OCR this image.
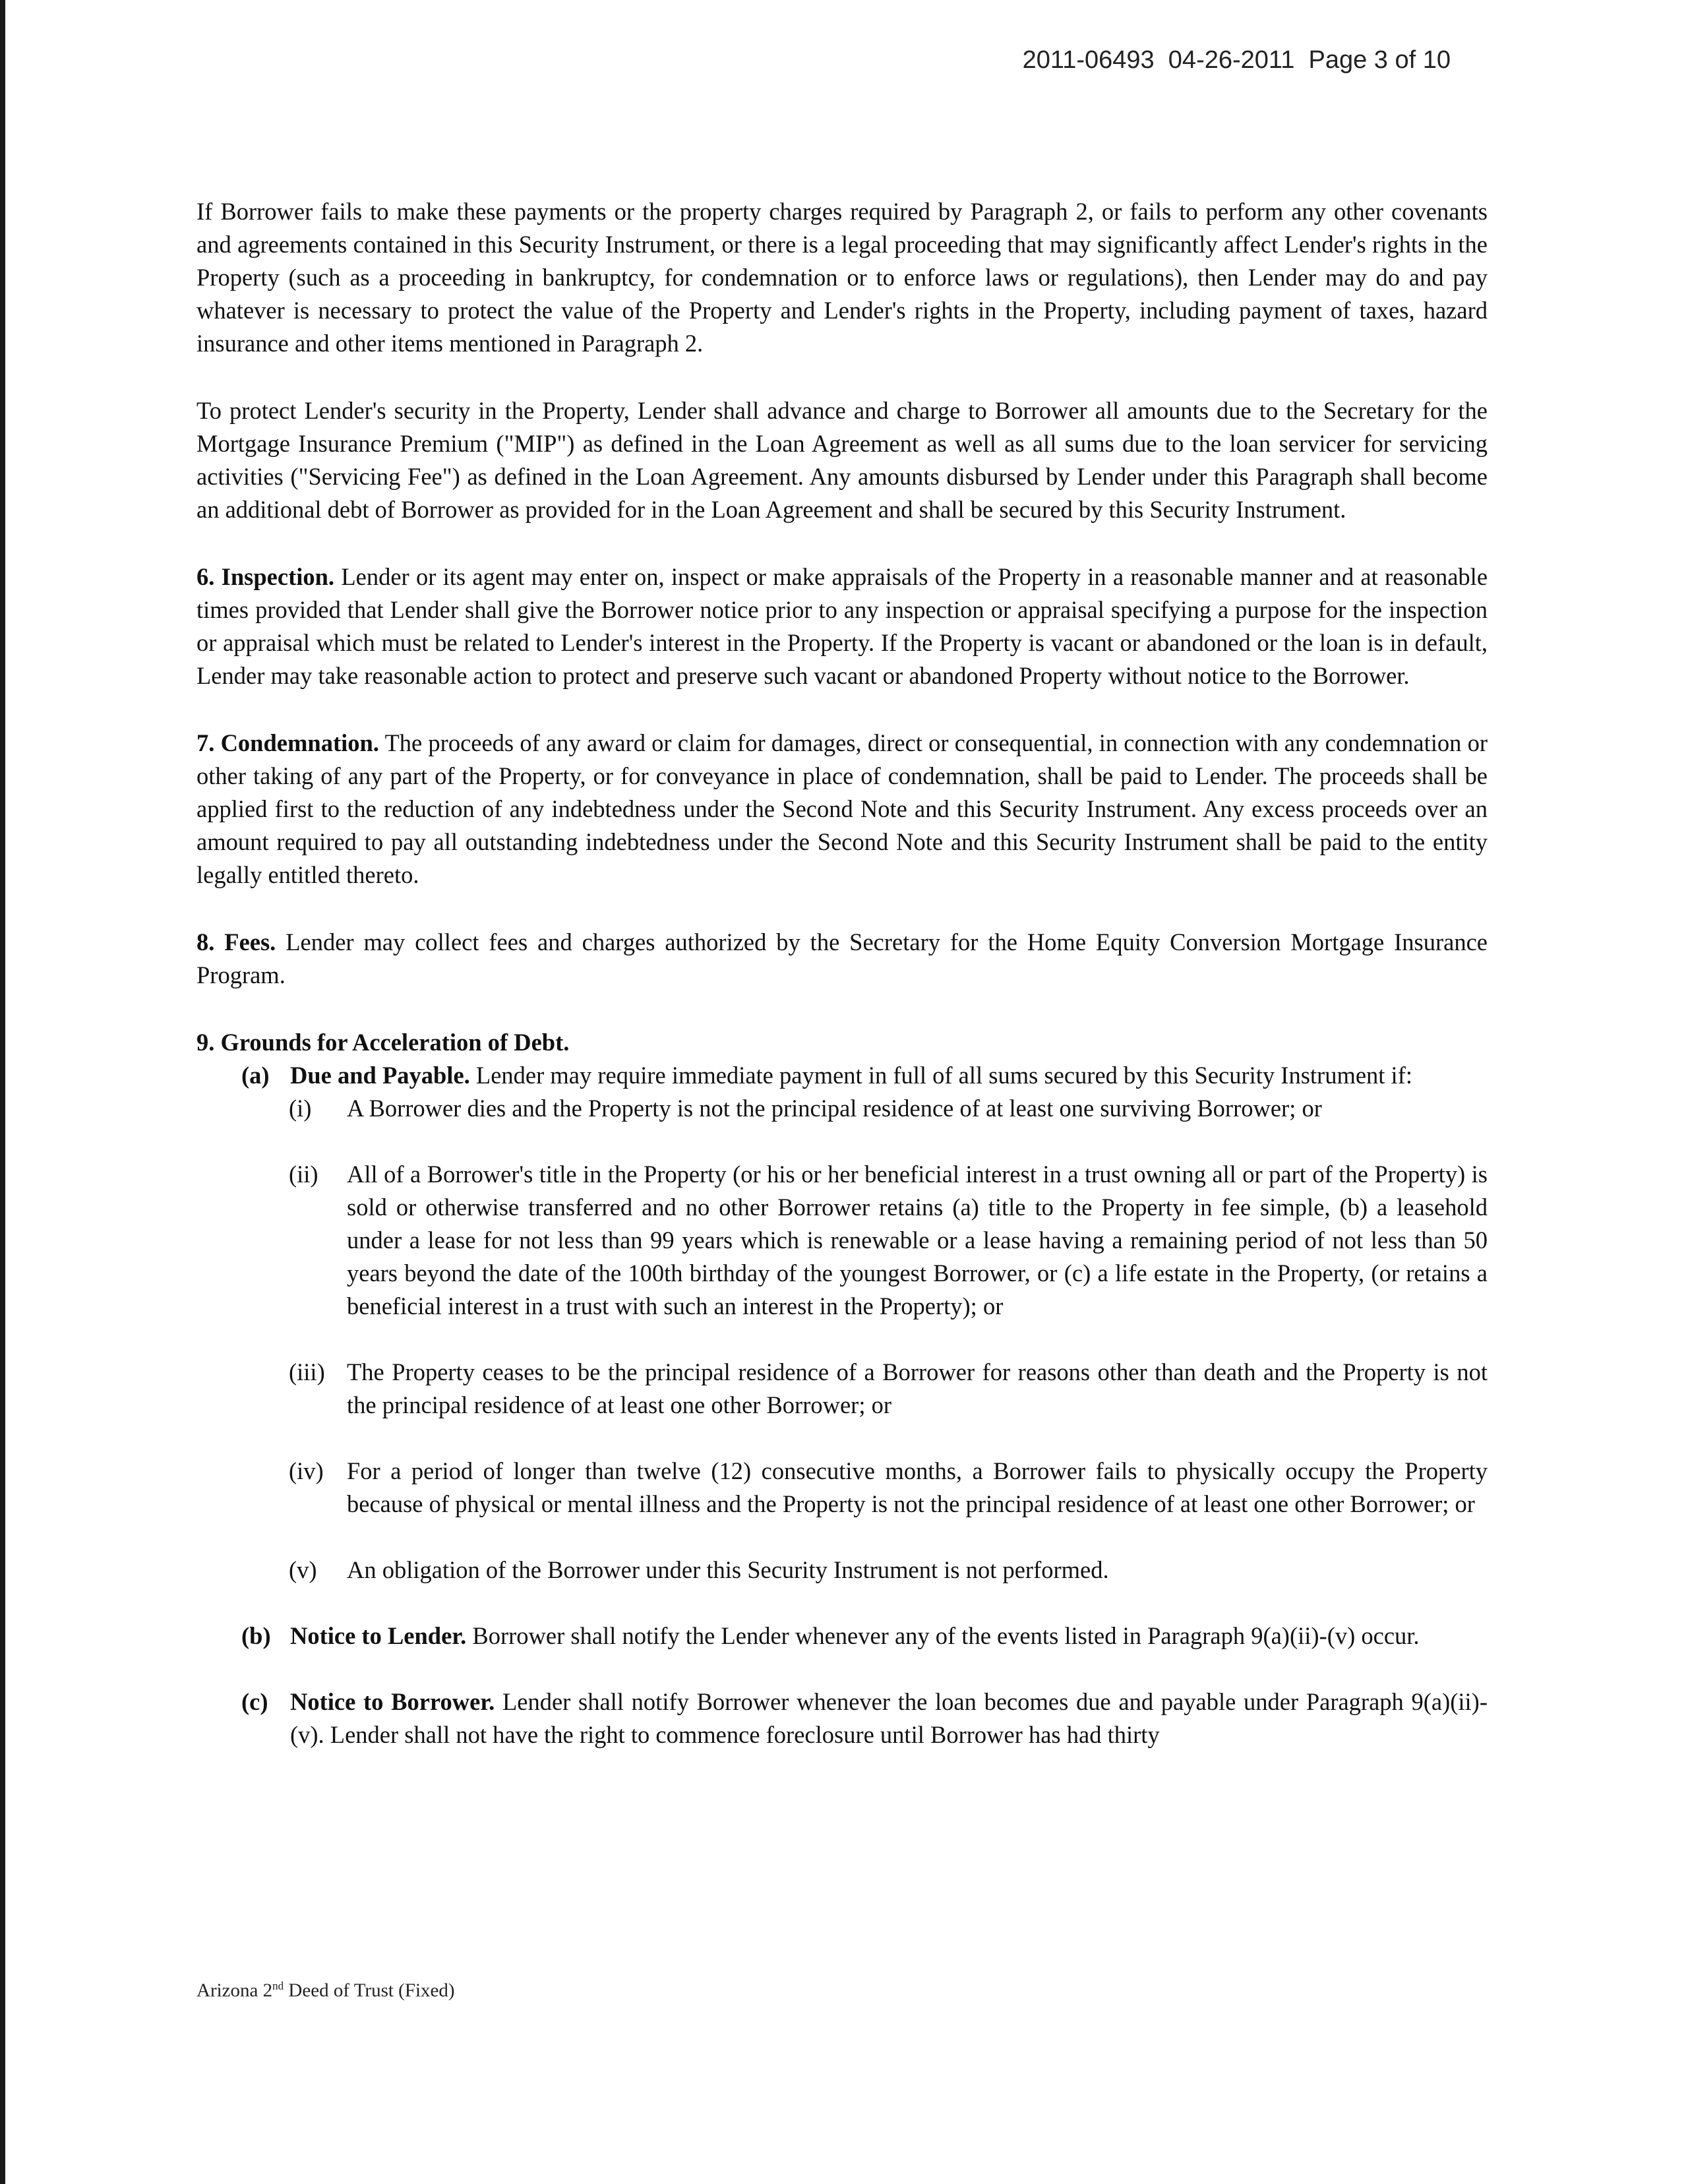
2011-06493 04-26-2011 Page 3 of 10

If Borrower fails to make these payments or the property charges required by Paragraph 2, or fails to perform any other covenants and agreements contained in this Security Instrument, or there is a legal proceeding that may significantly affect Lender's rights in the Property (such as a proceeding in bankruptcy, for condemnation or to enforce laws or regulations), then Lender may do and pay whatever is necessary to protect the value of the Property and Lender's rights in the Property, including payment of taxes, hazard insurance and other items mentioned in Paragraph 2.

To protect Lender's security in the Property, Lender shall advance and charge to Borrower all amounts due to the Secretary for the Mortgage Insurance Premium ("MIP") as defined in the Loan Agreement as well as all sums due to the loan servicer for servicing activities ("Servicing Fee") as defined in the Loan Agreement. Any amounts disbursed by Lender under this Paragraph shall become an additional debt of Borrower as provided for in the Loan Agreement and shall be secured by this Security Instrument.

6. Inspection. Lender or its agent may enter on, inspect or make appraisals of the Property in a reasonable manner and at reasonable times provided that Lender shall give the Borrower notice prior to any inspection or appraisal specifying a purpose for the inspection or appraisal which must be related to Lender's interest in the Property. If the Property is vacant or abandoned or the loan is in default, Lender may take reasonable action to protect and preserve such vacant or abandoned Property without notice to the Borrower.

7. Condemnation. The proceeds of any award or claim for damages, direct or consequential, in connection with any condemnation or other taking of any part of the Property, or for conveyance in place of condemnation, shall be paid to Lender. The proceeds shall be applied first to the reduction of any indebtedness under the Second Note and this Security Instrument. Any excess proceeds over an amount required to pay all outstanding indebtedness under the Second Note and this Security Instrument shall be paid to the entity legally entitled thereto.

8. Fees. Lender may collect fees and charges authorized by the Secretary for the Home Equity Conversion Mortgage Insurance Program.

9. Grounds for Acceleration of Debt.

(a) Due and Payable. Lender may require immediate payment in full of all sums secured by this Security Instrument if:
(i)	A Borrower dies and the Property is not the principal residence of at least one surviving Borrower; or
(ii)	All of a Borrower's title in the Property (or his or her beneficial interest in a trust owning all or part of the Property) is sold or otherwise transferred and no other Borrower retains (a) title to the Property in fee simple, (b) a leasehold under a lease for not less than 99 years which is renewable or a lease having a remaining period of not less than 50 years beyond the date of the 100th birthday of the youngest Borrower, or (c) a life estate in the Property, (or retains a beneficial interest in a trust with such an interest in the Property); or
(iii) The Property ceases to be the principal residence of a Borrower for reasons other than death and the Property is not the principal residence of at least one other Borrower; or
(iv) For a period of longer than twelve (12) consecutive months, a Borrower fails to physically occupy the Property because of physical or mental illness and the Property is not the principal residence of at least one other Borrower; or
(v)	An obligation of the Borrower under this Security Instrument is not performed.
(b) Notice to Lender. Borrower shall notify the Lender whenever any of the events listed in Paragraph 9(a)(ii)-(v) occur.
(c) Notice to Borrower. Lender shall notify Borrower whenever the loan becomes due and payable under Paragraph 9(a)(ii)-(v). Lender shall not have the right to commence foreclosure until Borrower has had thirty
Arizona 2nd Deed of Trust (Fixed)
